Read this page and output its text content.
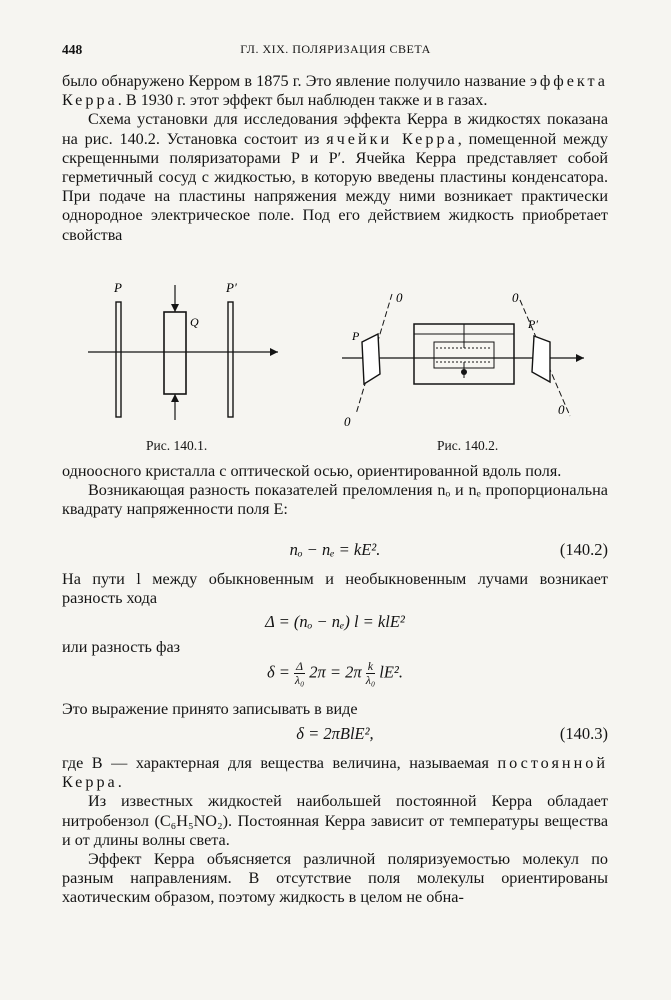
448	ГЛ. XIX. ПОЛЯРИЗАЦИЯ СВЕТА

было обнаружено Керром в 1875 г. Это явление получило название эффекта Керра. В 1930 г. этот эффект был наблюден также и в газах.

Схема установки для исследования эффекта Керра в жидкостях показана на рис. 140.2. Установка состоит из ячейки Керра, помещенной между скрещенными поляризаторами P и P′. Ячейка Керра представляет собой герметичный сосуд с жидкостью, в которую введены пластины конденсатора. При подаче на пластины напряжения между ними возникает практически однородное электрическое поле. Под его действием жидкость приобретает свойства

P
Q
P′
Рис. 140.1.
P
0
0
0
0
P′
Рис. 140.2.

одноосного кристалла с оптической осью, ориентированной вдоль поля.

Возникающая разность показателей преломления nₒ и nₑ пропорциональна квадрату напряженности поля E:

nₒ − nₑ = kE².	(140.2)

На пути l между обыкновенным и необыкновенным лучами возникает разность хода

Δ = (nₒ − nₑ) l = klE²

или разность фаз

$\delta = \frac{\Delta}{\text{λ₀}} 2\pi = 2\pi \frac{k}{\text{λ₀}} lE^2$.

Это выражение принято записывать в виде

δ = 2πBlE²,	(140.3)

где B — характерная для вещества величина, называемая постоянной Керра.

Из известных жидкостей наибольшей постоянной Керра обладает нитробензол (C₆H₅NO₂). Постоянная Керра зависит от температуры вещества и от длины волны света.

Эффект Керра объясняется различной поляризуемостью молекул по разным направлениям. В отсутствие поля молекулы ориентированы хаотическим образом, поэтому жидкость в целом не обна-
